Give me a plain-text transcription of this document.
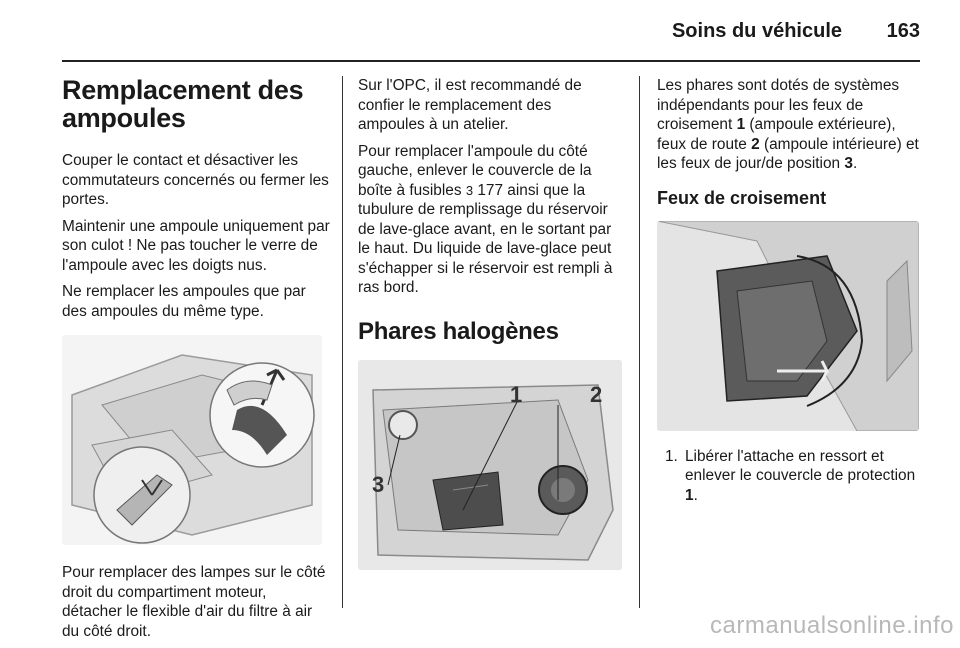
Soins du véhicule 163
Remplacement des ampoules

Couper le contact et désactiver les commutateurs concernés ou fermer les portes.

Maintenir une ampoule uniquement par son culot ! Ne pas toucher le verre de l'ampoule avec les doigts nus.

Ne remplacer les ampoules que par des ampoules du même type.

Pour remplacer des lampes sur le côté droit du compartiment moteur, détacher le flexible d'air du filtre à air du côté droit.

Sur l'OPC, il est recommandé de confier le remplacement des ampoules à un atelier.

Pour remplacer l'ampoule du côté gauche, enlever le couvercle de la boîte à fusibles 3 177 ainsi que la tubulure de remplissage du réservoir de lave-glace avant, en le sortant par le haut. Du liquide de lave-glace peut s'échapper si le réservoir est rempli à ras bord.

Phares halogènes
1	2
3

Les phares sont dotés de systèmes indépendants pour les feux de croisement 1 (ampoule extérieure), feux de route 2 (ampoule intérieure) et les feux de jour/de position 3.

Feux de croisement
1. Libérer l'attache en ressort et enlever le couvercle de protection 1.
carmanualsonline.info
